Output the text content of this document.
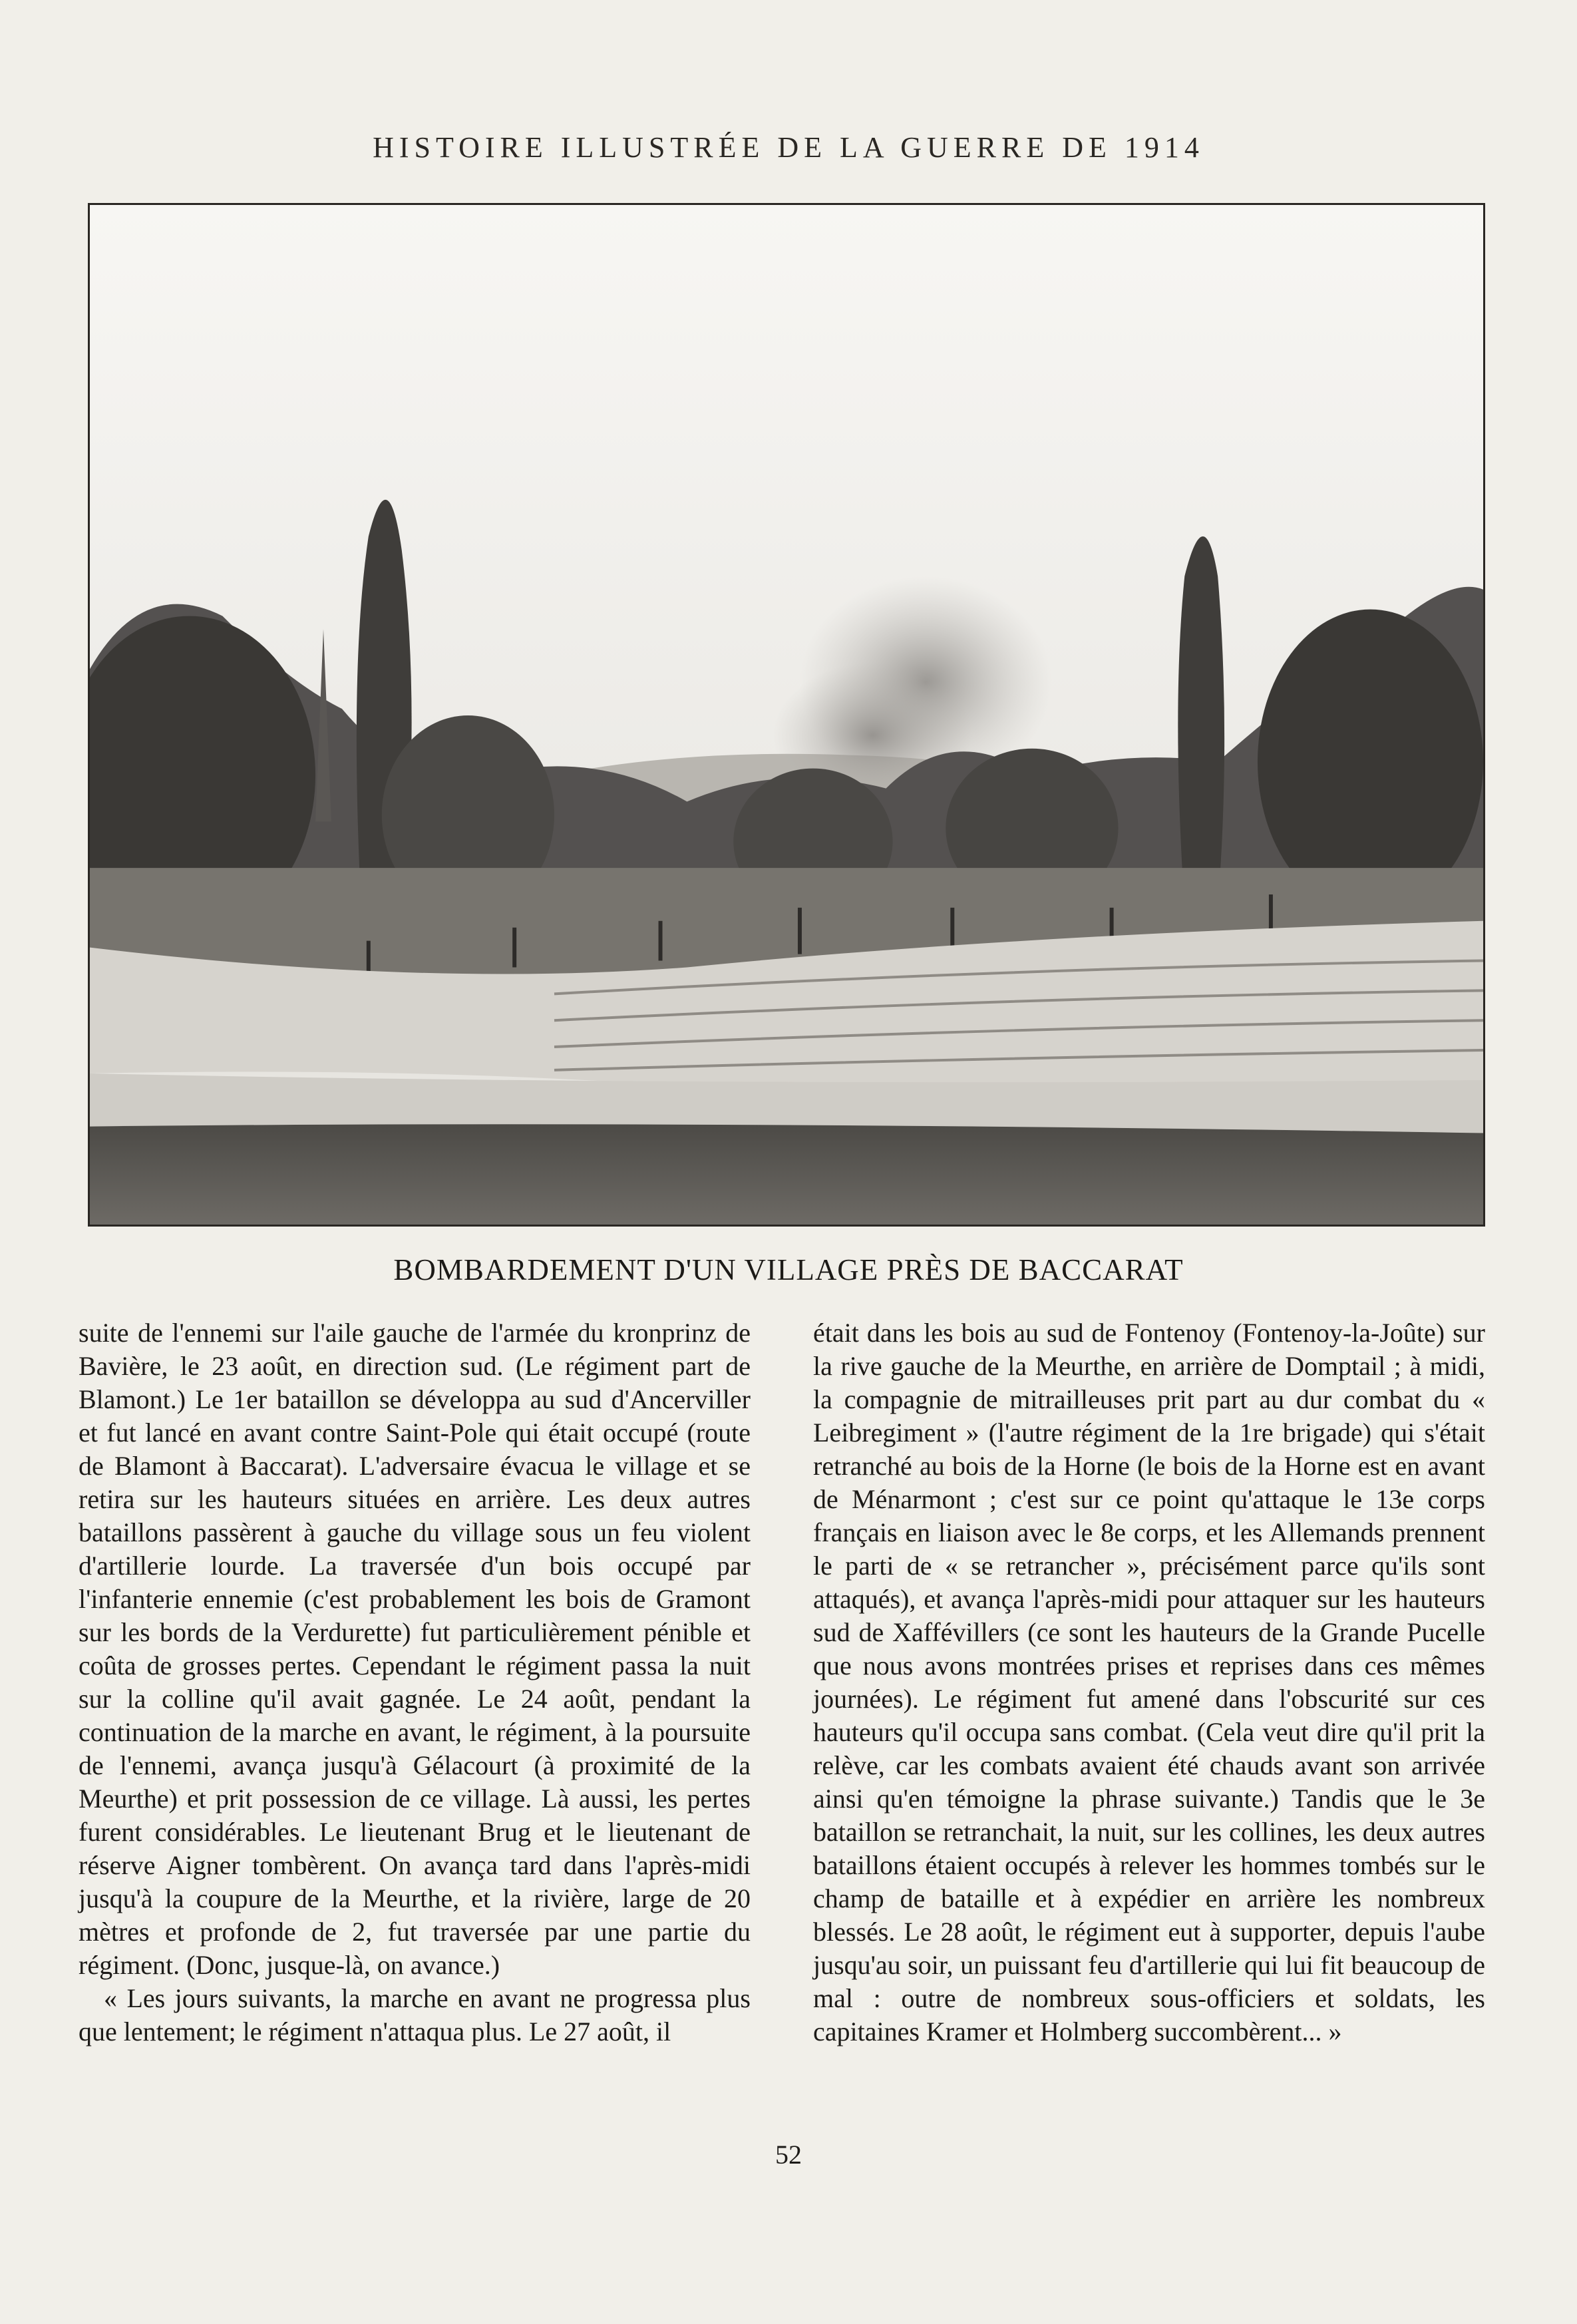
HISTOIRE ILLUSTRÉE DE LA GUERRE DE 1914
BOMBARDEMENT D'UN VILLAGE PRÈS DE BACCARAT

suite de l'ennemi sur l'aile gauche de l'armée du kronprinz de Bavière, le 23 août, en direction sud. (Le régiment part de Blamont.) Le 1er bataillon se développa au sud d'Ancerviller et fut lancé en avant contre Saint-Pole qui était occupé (route de Blamont à Baccarat). L'adversaire évacua le village et se retira sur les hauteurs situées en arrière. Les deux autres bataillons passèrent à gauche du village sous un feu violent d'artillerie lourde. La traversée d'un bois occupé par l'infanterie ennemie (c'est probablement les bois de Gramont sur les bords de la Verdurette) fut particulièrement pénible et coûta de grosses pertes. Cependant le régiment passa la nuit sur la colline qu'il avait gagnée. Le 24 août, pendant la continuation de la marche en avant, le régiment, à la poursuite de l'ennemi, avança jusqu'à Gélacourt (à proximité de la Meurthe) et prit possession de ce village. Là aussi, les pertes furent considérables. Le lieutenant Brug et le lieutenant de réserve Aigner tombèrent. On avança tard dans l'après-midi jusqu'à la coupure de la Meurthe, et la rivière, large de 20 mètres et profonde de 2, fut traversée par une partie du régiment. (Donc, jusque-là, on avance.)

« Les jours suivants, la marche en avant ne progressa plus que lentement; le régiment n'attaqua plus. Le 27 août, il

était dans les bois au sud de Fontenoy (Fontenoy-la-Joûte) sur la rive gauche de la Meurthe, en arrière de Domptail ; à midi, la compagnie de mitrailleuses prit part au dur combat du « Leibregiment » (l'autre régiment de la 1re brigade) qui s'était retranché au bois de la Horne (le bois de la Horne est en avant de Ménarmont ; c'est sur ce point qu'attaque le 13e corps français en liaison avec le 8e corps, et les Allemands prennent le parti de « se retrancher », précisément parce qu'ils sont attaqués), et avança l'après-midi pour attaquer sur les hauteurs sud de Xaffévillers (ce sont les hauteurs de la Grande Pucelle que nous avons montrées prises et reprises dans ces mêmes journées). Le régiment fut amené dans l'obscurité sur ces hauteurs qu'il occupa sans combat. (Cela veut dire qu'il prit la relève, car les combats avaient été chauds avant son arrivée ainsi qu'en témoigne la phrase suivante.) Tandis que le 3e bataillon se retranchait, la nuit, sur les collines, les deux autres bataillons étaient occupés à relever les hommes tombés sur le champ de bataille et à expédier en arrière les nombreux blessés. Le 28 août, le régiment eut à supporter, depuis l'aube jusqu'au soir, un puissant feu d'artillerie qui lui fit beaucoup de mal : outre de nombreux sous-officiers et soldats, les capitaines Kramer et Holmberg succombèrent... »

52
